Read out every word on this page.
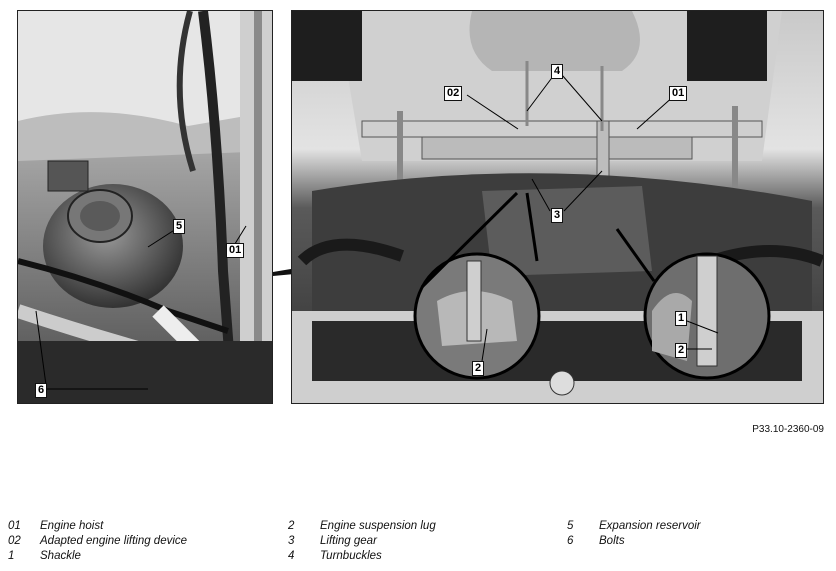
5
01
6
4
02	01
3
2
1
2
P33.10-2360-09
01 Engine hoist
02 Adapted engine lifting device
1 Shackle
2 Engine suspension lug
3 Lifting gear
4 Turnbuckles
5 Expansion reservoir
6 Bolts
